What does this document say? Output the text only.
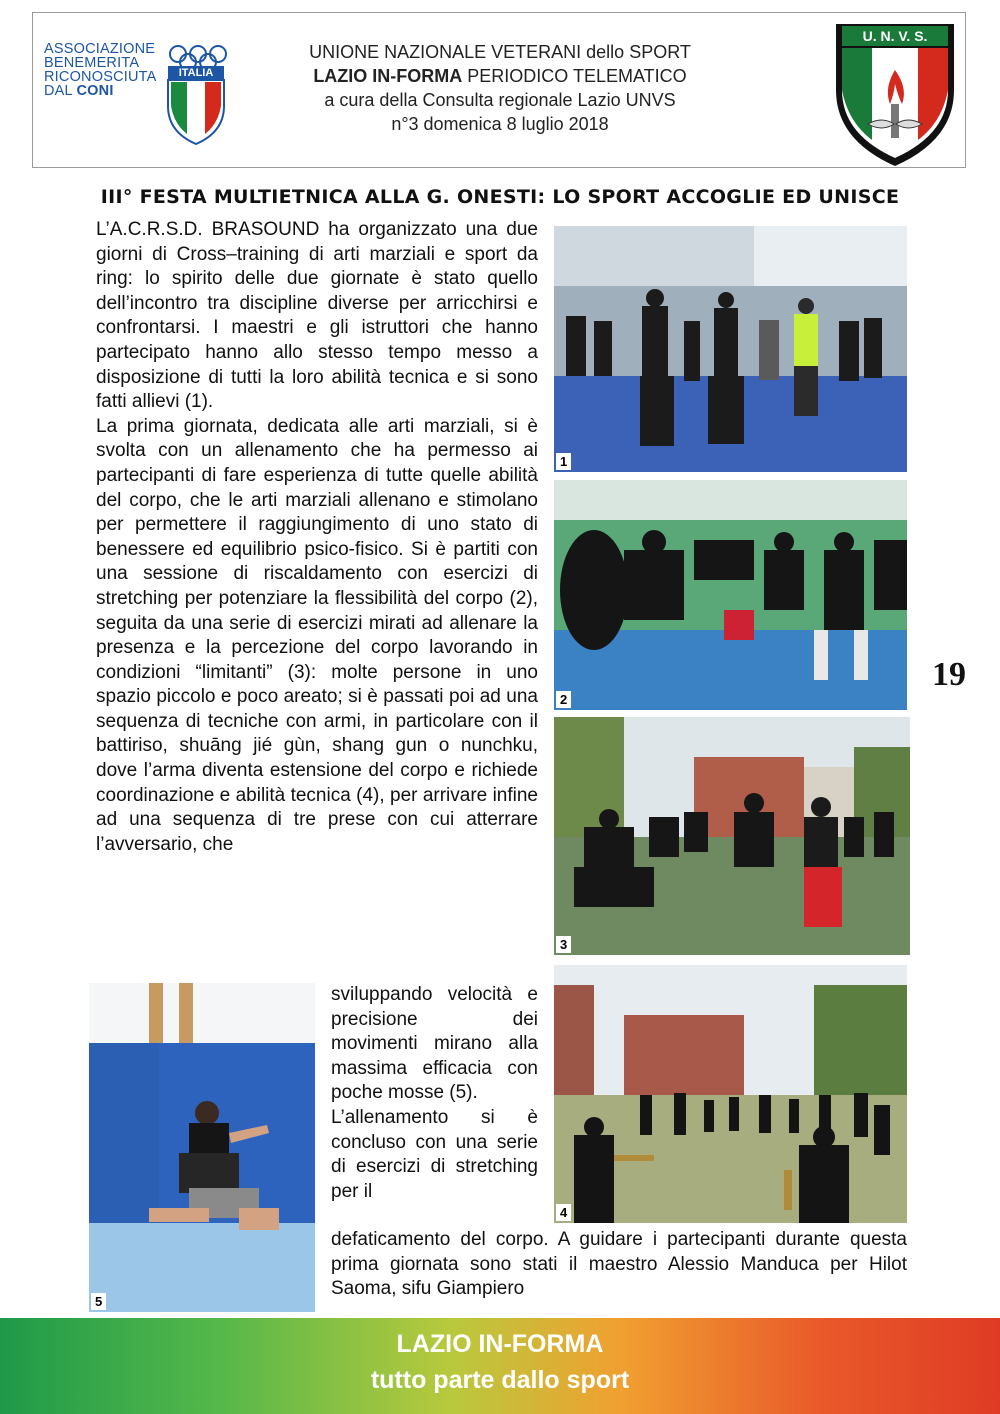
ASSOCIAZIONE
BENEMERITA
RICONOSCIUTA
DAL CONI
ITALIA
UNIONE NAZIONALE VETERANI dello SPORT
LAZIO IN-FORMA PERIODICO TELEMATICO
a cura della Consulta regionale Lazio UNVS
n°3 domenica 8 luglio 2018
U. N. V. S.
III° FESTA MULTIETNICA ALLA G. ONESTI: LO SPORT ACCOGLIE ED UNISCE

L’A.C.R.S.D. BRASOUND ha organizzato una due giorni di Cross–training di arti marziali e sport da ring: lo spirito delle due giornate è stato quello dell’incontro tra discipline diverse per arricchirsi e confrontarsi. I maestri e gli istruttori che hanno partecipato hanno allo stesso tempo messo a disposizione di tutti la loro abilità tecnica e si sono fatti allievi (1).

La prima giornata, dedicata alle arti marziali, si è svolta con un allenamento che ha permesso ai partecipanti di fare esperienza di tutte quelle abilità del corpo, che le arti marziali allenano e stimolano per permettere il raggiungimento di uno stato di benessere ed equilibrio psico-fisico. Si è partiti con una sessione di riscaldamento con esercizi di stretching per potenziare la flessibilità del corpo (2), seguita da una serie di esercizi mirati ad allenare la presenza e la percezione del corpo lavorando in condizioni “limitanti” (3): molte persone in uno spazio piccolo e poco areato; si è passati poi ad una sequenza di tecniche con armi, in particolare con il battiriso, shuāng jié gùn, shang gun o nunchku, dove l’arma diventa estensione del corpo e richiede coordinazione e abilità tecnica (4), per arrivare infine ad una sequenza di tre prese con cui atterrare l’avversario, che

sviluppando velocità e precisione dei movimenti mirano alla massima efficacia con poche mosse (5).

L’allenamento si è concluso con una serie di esercizi di stretching per il

defaticamento del corpo. A guidare i partecipanti durante questa prima giornata sono stati il maestro Alessio Manduca per Hilot Saoma, sifu Giampiero

1
2
3
4
5
19
LAZIO IN-FORMA
tutto parte dallo sport
